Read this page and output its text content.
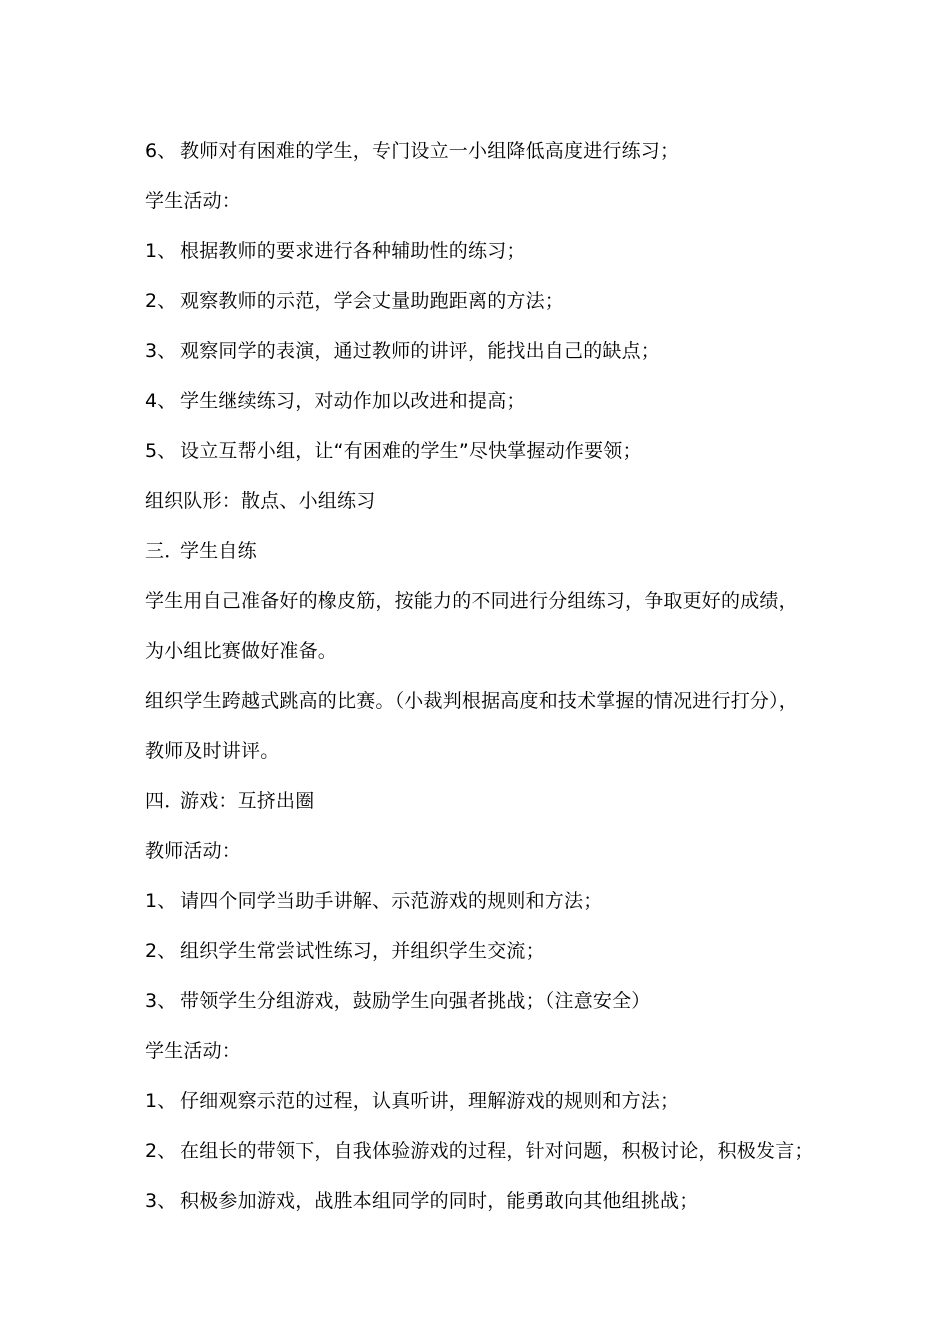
6、 教师对有困难的学生，专门设立一小组降低高度进行练习；
学生活动：
1、 根据教师的要求进行各种辅助性的练习；
2、 观察教师的示范，学会丈量助跑距离的方法；
3、 观察同学的表演，通过教师的讲评，能找出自己的缺点；
4、 学生继续练习，对动作加以改进和提高；
5、 设立互帮小组，让“有困难的学生”尽快掌握动作要领；
组织队形：散点、小组练习
三．学生自练
学生用自己准备好的橡皮筋，按能力的不同进行分组练习，争取更好的成绩，
为小组比赛做好准备。
组织学生跨越式跳高的比赛。（小裁判根据高度和技术掌握的情况进行打分），
教师及时讲评。
四．游戏：互挤出圈
教师活动：
1、 请四个同学当助手讲解、示范游戏的规则和方法；
2、 组织学生常尝试性练习，并组织学生交流；
3、 带领学生分组游戏，鼓励学生向强者挑战；（注意安全）
学生活动：
1、 仔细观察示范的过程，认真听讲，理解游戏的规则和方法；
2、 在组长的带领下，自我体验游戏的过程，针对问题，积极讨论，积极发言；
3、 积极参加游戏，战胜本组同学的同时，能勇敢向其他组挑战；
